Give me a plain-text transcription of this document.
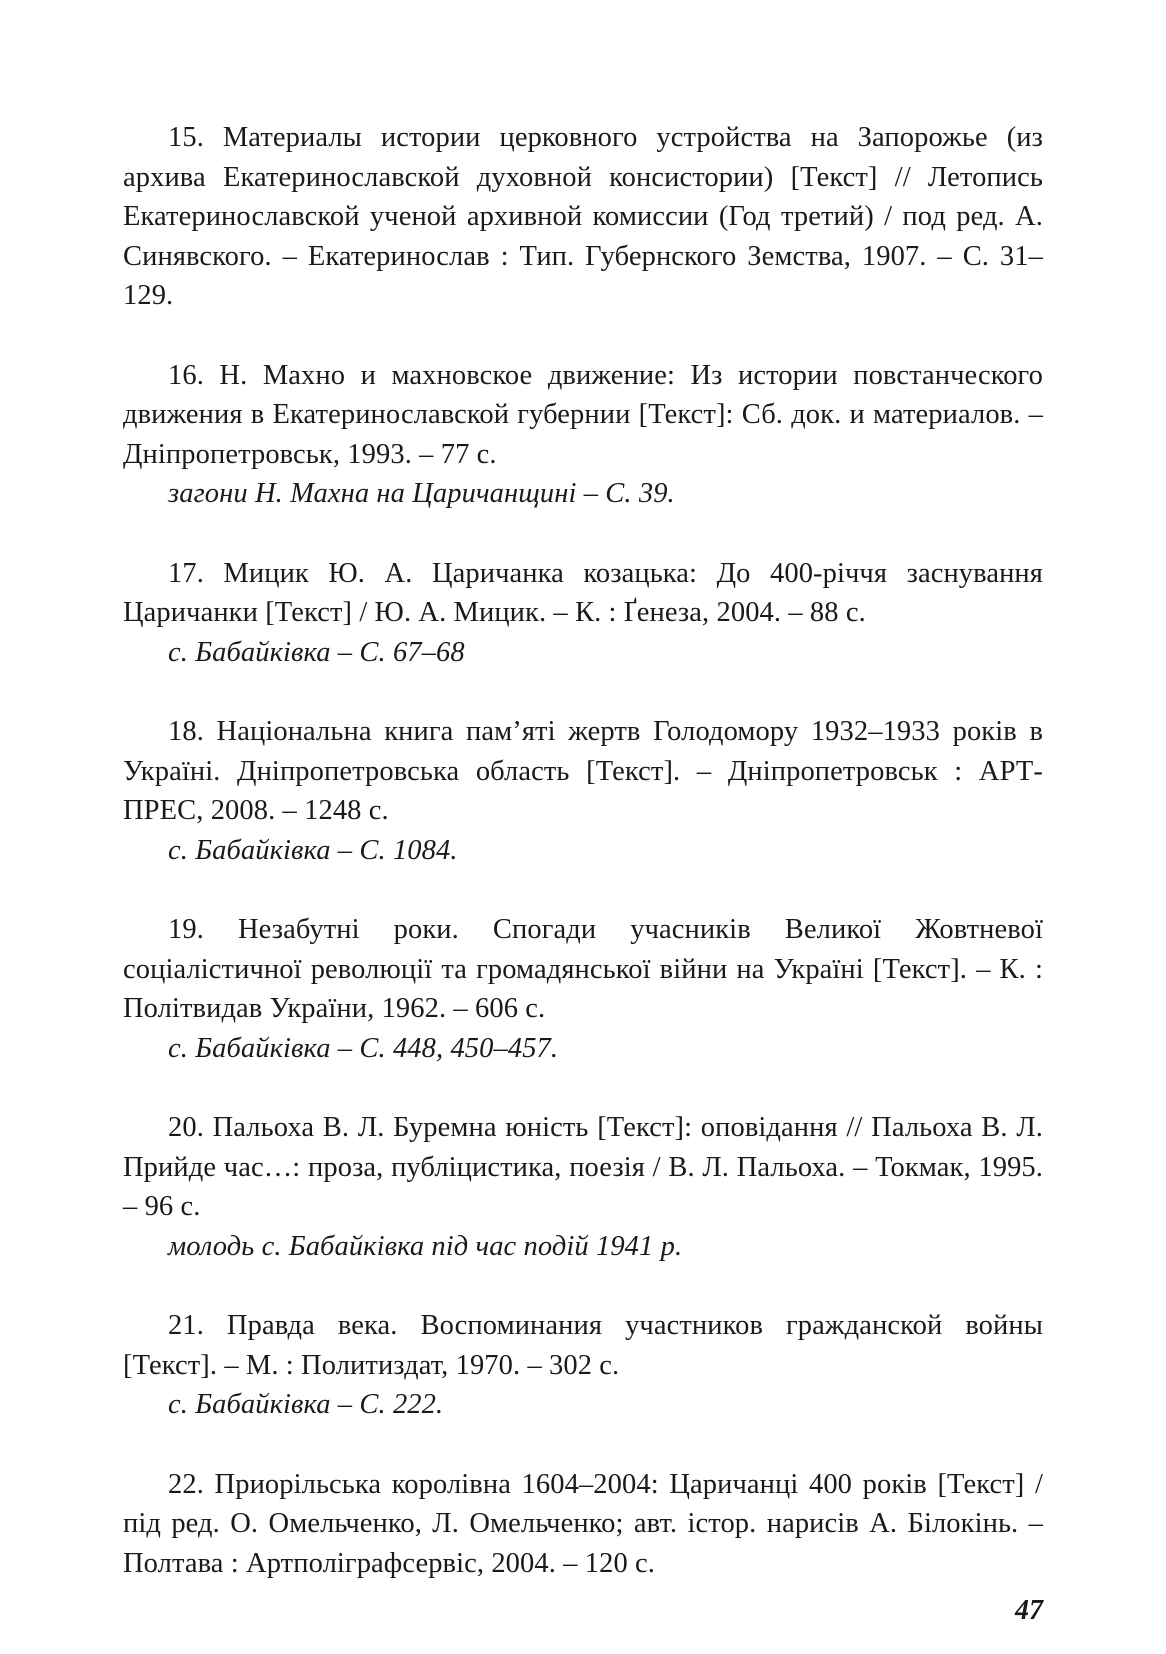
15. Материалы истории церковного устройства на Запорожье (из архива Екатеринославской духовной консистории) [Текст] // Летопись Екатеринославской ученой архивной комиссии (Год третий) / под ред. А. Синявского. – Екатеринослав : Тип. Губернского Земства, 1907. – С. 31–129.

16. Н. Махно и махновское движение: Из истории повстанческого движения в Екатеринославской губернии [Текст]: Сб. док. и материалов. – Дніпропетровськ, 1993. – 77 с.

загони Н. Махна на Царичанщині – С. 39.

17. Мицик Ю. А. Царичанка козацька: До 400-річчя заснування Царичанки [Текст] / Ю. А. Мицик. – К. : Ґенеза, 2004. – 88 с.

с. Бабайківка – С. 67–68

18. Національна книга пам’яті жертв Голодомору 1932–1933 років в Україні. Дніпропетровська область [Текст]. – Дніпропетровськ : АРТ-ПРЕС, 2008. – 1248 с.

с. Бабайківка – С. 1084.

19. Незабутні роки. Спогади учасників Великої Жовтневої соціалістичної революції та громадянської війни на Україні [Текст]. – К. : Політвидав України, 1962. – 606 с.

с. Бабайківка – С. 448, 450–457.

20. Пальоха В. Л. Буремна юність [Текст]: оповідання // Пальоха В. Л. Прийде час…: проза, публіцистика, поезія / В. Л. Пальоха. – Токмак, 1995. – 96 с.

молодь с. Бабайківка під час подій 1941 р.

21. Правда века. Воспоминания участников гражданской войны [Текст]. – М. : Политиздат, 1970. – 302 с.

с. Бабайківка – С. 222.

22. Приорільська королівна 1604–2004: Царичанці 400 років [Текст] / під ред. О. Омельченко, Л. Омельченко; авт. істор. нарисів А. Білокінь. – Полтава : Артполіграфсервіс, 2004. – 120 с.

47
